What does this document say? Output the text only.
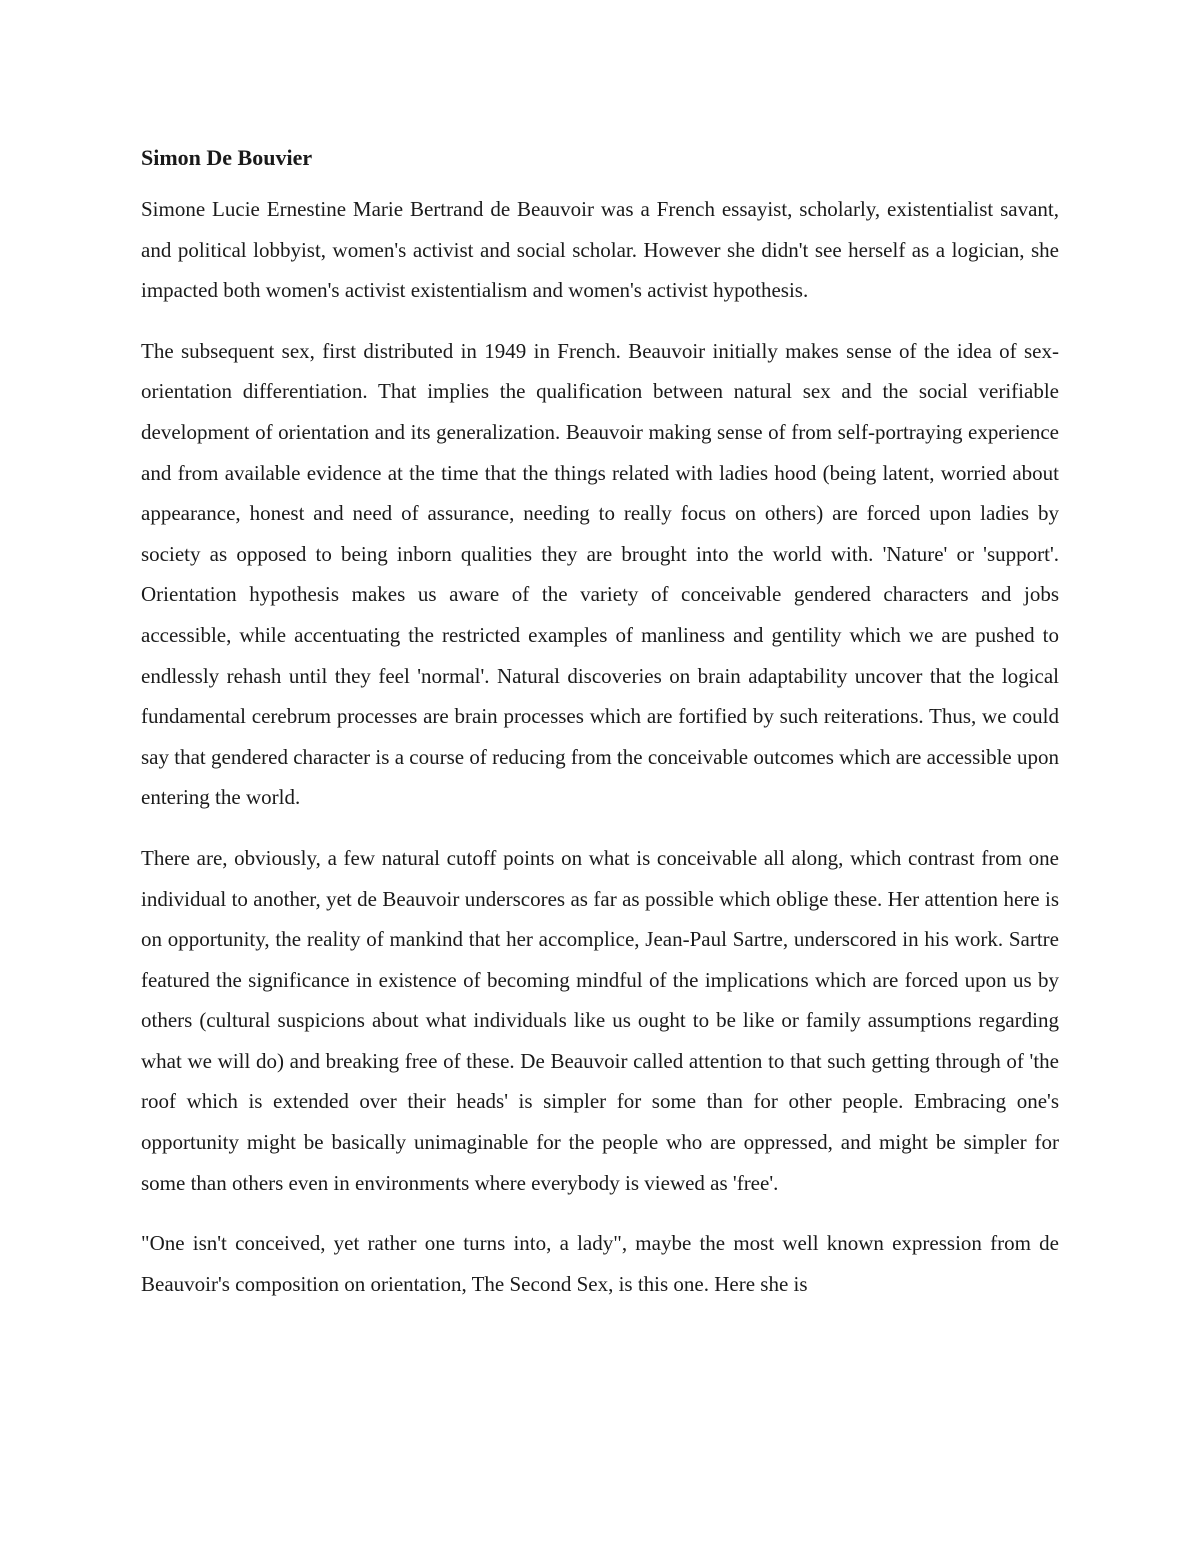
Simon De Bouvier

Simone Lucie Ernestine Marie Bertrand de Beauvoir was a French essayist, scholarly, existentialist savant, and political lobbyist, women's activist and social scholar. However she didn't see herself as a logician, she impacted both women's activist existentialism and women's activist hypothesis.

The subsequent sex, first distributed in 1949 in French. Beauvoir initially makes sense of the idea of sex-orientation differentiation. That implies the qualification between natural sex and the social verifiable development of orientation and its generalization. Beauvoir making sense of from self-portraying experience and from available evidence at the time that the things related with ladies hood (being latent, worried about appearance, honest and need of assurance, needing to really focus on others) are forced upon ladies by society as opposed to being inborn qualities they are brought into the world with. 'Nature' or 'support'. Orientation hypothesis makes us aware of the variety of conceivable gendered characters and jobs accessible, while accentuating the restricted examples of manliness and gentility which we are pushed to endlessly rehash until they feel 'normal'. Natural discoveries on brain adaptability uncover that the logical fundamental cerebrum processes are brain processes which are fortified by such reiterations. Thus, we could say that gendered character is a course of reducing from the conceivable outcomes which are accessible upon entering the world.

There are, obviously, a few natural cutoff points on what is conceivable all along, which contrast from one individual to another, yet de Beauvoir underscores as far as possible which oblige these. Her attention here is on opportunity, the reality of mankind that her accomplice, Jean-Paul Sartre, underscored in his work. Sartre featured the significance in existence of becoming mindful of the implications which are forced upon us by others (cultural suspicions about what individuals like us ought to be like or family assumptions regarding what we will do) and breaking free of these. De Beauvoir called attention to that such getting through of 'the roof which is extended over their heads' is simpler for some than for other people. Embracing one's opportunity might be basically unimaginable for the people who are oppressed, and might be simpler for some than others even in environments where everybody is viewed as 'free'.

"One isn't conceived, yet rather one turns into, a lady", maybe the most well known expression from de Beauvoir's composition on orientation, The Second Sex, is this one. Here she is
